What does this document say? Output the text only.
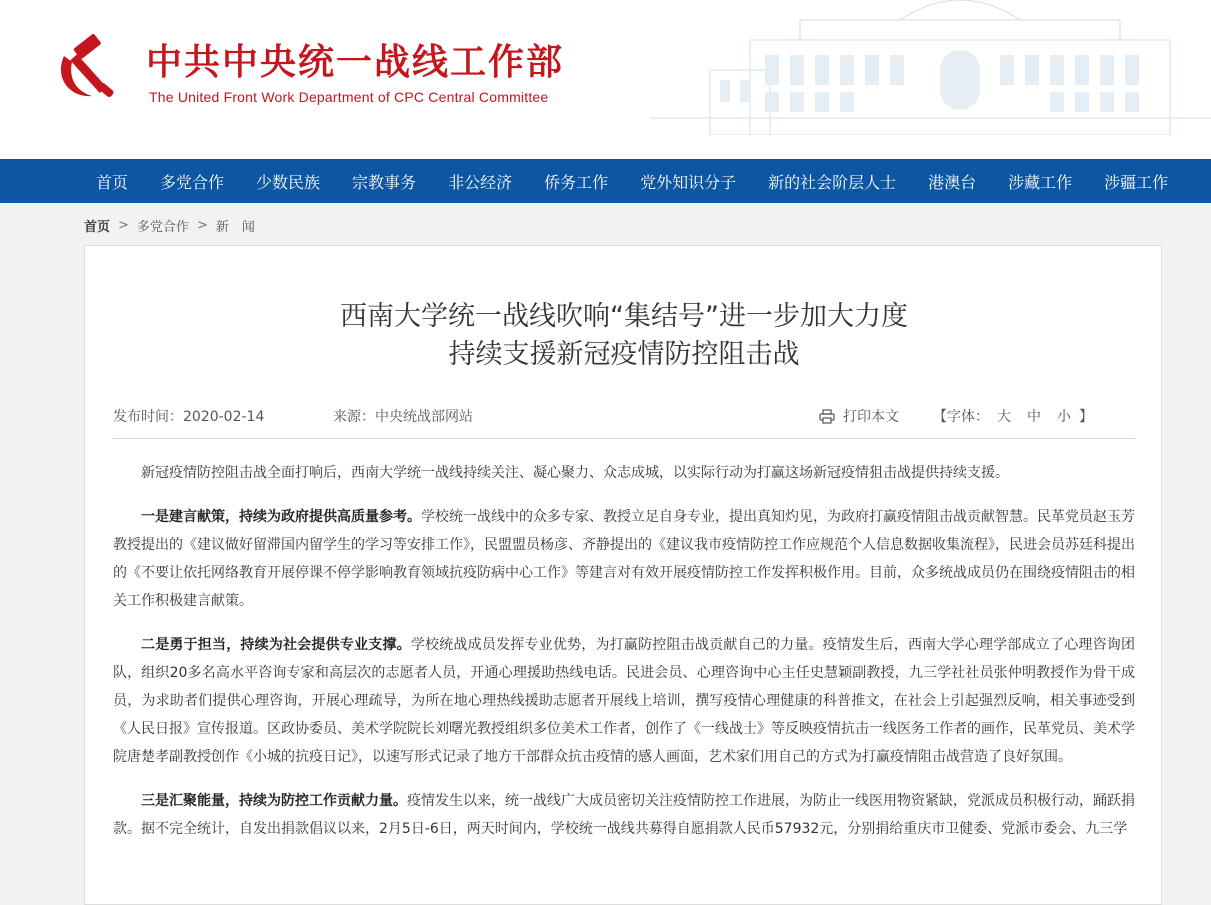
中共中央统一战线工作部
The United Front Work Department of CPC Central Committee
首页 多党合作 少数民族 宗教事务 非公经济 侨务工作 党外知识分子 新的社会阶层人士 港澳台 涉藏工作 涉疆工作
首页 > 多党合作 > 新　闻
西南大学统一战线吹响“集结号”进一步加大力度
持续支援新冠疫情防控阻击战
发布时间：2020-02-14	来源：中央统战部网站	打印本文 【字体： 大 中 小 】

新冠疫情防控阻击战全面打响后，西南大学统一战线持续关注、凝心聚力、众志成城，以实际行动为打赢这场新冠疫情狙击战提供持续支援。

一是建言献策，持续为政府提供高质量参考。学校统一战线中的众多专家、教授立足自身专业，提出真知灼见，为政府打赢疫情阻击战贡献智慧。民革党员赵玉芳教授提出的《建议做好留滞国内留学生的学习等安排工作》，民盟盟员杨彦、齐静提出的《建议我市疫情防控工作应规范个人信息数据收集流程》，民进会员苏廷科提出的《不要让依托网络教育开展停课不停学影响教育领域抗疫防病中心工作》等建言对有效开展疫情防控工作发挥积极作用。目前，众多统战成员仍在围绕疫情阻击的相关工作积极建言献策。

二是勇于担当，持续为社会提供专业支撑。学校统战成员发挥专业优势，为打赢防控阻击战贡献自己的力量。疫情发生后，西南大学心理学部成立了心理咨询团队，组织20多名高水平咨询专家和高层次的志愿者人员，开通心理援助热线电话。民进会员、心理咨询中心主任史慧颖副教授，九三学社社员张仲明教授作为骨干成员，为求助者们提供心理咨询，开展心理疏导，为所在地心理热线援助志愿者开展线上培训，撰写疫情心理健康的科普推文，在社会上引起强烈反响，相关事迹受到《人民日报》宣传报道。区政协委员、美术学院院长刘曙光教授组织多位美术工作者，创作了《一线战士》等反映疫情抗击一线医务工作者的画作，民革党员、美术学院唐楚孝副教授创作《小城的抗疫日记》，以速写形式记录了地方干部群众抗击疫情的感人画面，艺术家们用自己的方式为打赢疫情阻击战营造了良好氛围。

三是汇聚能量，持续为防控工作贡献力量。疫情发生以来，统一战线广大成员密切关注疫情防控工作进展，为防止一线医用物资紧缺，党派成员积极行动，踊跃捐款。据不完全统计，自发出捐款倡议以来，2月5日-6日，两天时间内，学校统一战线共募得自愿捐款人民币57932元，分别捐给重庆市卫健委、党派市委会、九三学
